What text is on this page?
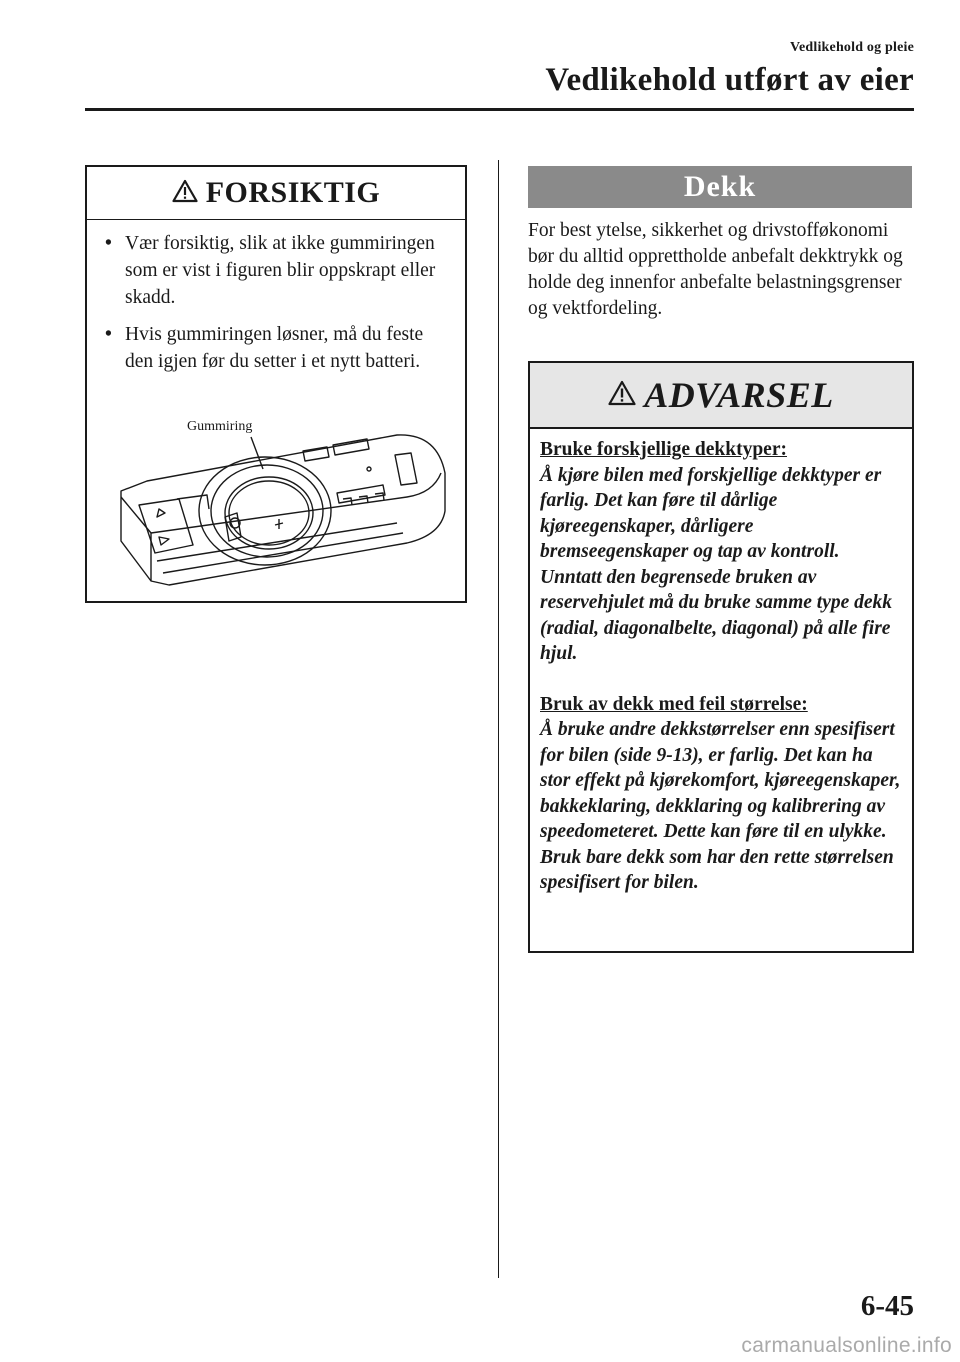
Vedlikehold og pleie
Vedlikehold utført av eier
FORSIKTIG
• Vær forsiktig, slik at ikke gummiringen som er vist i figuren blir oppskrapt eller skadd.
• Hvis gummiringen løsner, må du feste den igjen før du setter i et nytt batteri.
Gummiring
Dekk
For best ytelse, sikkerhet og drivstofføkonomi bør du alltid opprettholde anbefalt dekktrykk og holde deg innenfor anbefalte belastningsgrenser og vektfordeling.
ADVARSEL
Bruke forskjellige dekktyper:

Å kjøre bilen med forskjellige dekktyper er farlig. Det kan føre til dårlige kjøreegenskaper, dårligere bremseegenskaper og tap av kontroll. Unntatt den begrensede bruken av reservehjulet må du bruke samme type dekk (radial, diagonalbelte, diagonal) på alle fire hjul.

Bruk av dekk med feil størrelse:

Å bruke andre dekkstørrelser enn spesifisert for bilen (side 9-13), er farlig. Det kan ha stor effekt på kjørekomfort, kjøreegenskaper, bakkeklaring, dekklaring og kalibrering av speedometeret. Dette kan føre til en ulykke. Bruk bare dekk som har den rette størrelsen spesifisert for bilen.

6-45
carmanualsonline.info
